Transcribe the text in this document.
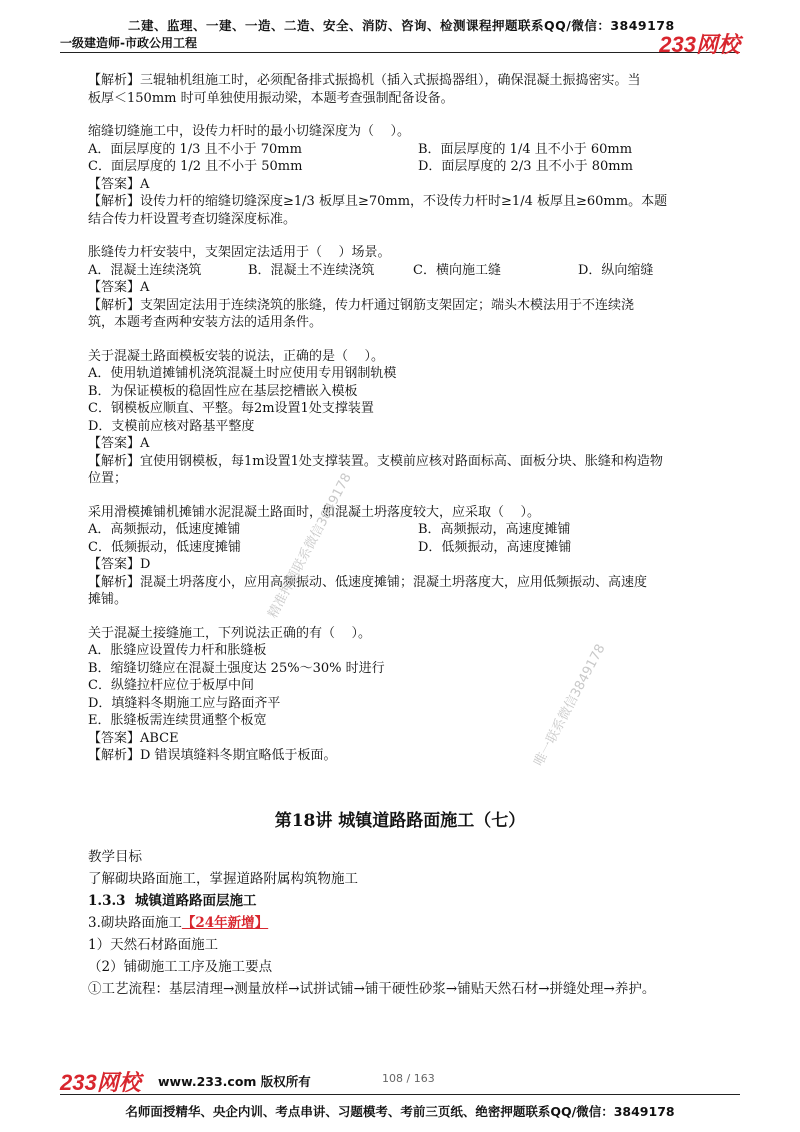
二建、监理、一建、一造、二造、安全、消防、咨询、检测课程押题联系QQ/微信：3849178
一级建造师-市政公用工程	233网校
【解析】三辊轴机组施工时，必须配备排式振捣机（插入式振捣器组），确保混凝土振捣密实。当
板厚＜150mm 时可单独使用振动梁，本题考查强制配备设备。
缩缝切缝施工中，设传力杆时的最小切缝深度为（    ）。
A．面层厚度的 1/3 且不小于 70mm	B．面层厚度的 1/4 且不小于 60mm
C．面层厚度的 1/2 且不小于 50mm	D．面层厚度的 2/3 且不小于 80mm
【答案】A
【解析】设传力杆的缩缝切缝深度≥1/3 板厚且≥70mm，不设传力杆时≥1/4 板厚且≥60mm。本题
结合传力杆设置考查切缝深度标准。
胀缝传力杆安装中，支架固定法适用于（    ）场景。
A．混凝土连续浇筑	B．混凝土不连续浇筑	C．横向施工缝	D．纵向缩缝
【答案】A
【解析】支架固定法用于连续浇筑的胀缝，传力杆通过钢筋支架固定；端头木模法用于不连续浇
筑，本题考查两种安装方法的适用条件。
关于混凝土路面模板安装的说法，正确的是（    ）。
A．使用轨道摊铺机浇筑混凝土时应使用专用钢制轨模
B．为保证模板的稳固性应在基层挖槽嵌入模板
C．钢模板应顺直、平整。每2m设置1处支撑装置
D．支模前应核对路基平整度
【答案】A
【解析】宜使用钢模板，每1m设置1处支撑装置。支模前应核对路面标高、面板分块、胀缝和构造物
位置；
采用滑模摊铺机摊铺水泥混凝土路面时，如混凝土坍落度较大，应采取（    ）。
A．高频振动，低速度摊铺	B．高频振动，高速度摊铺
C．低频振动，低速度摊铺	D．低频振动，高速度摊铺
【答案】D
【解析】混凝土坍落度小，应用高频振动、低速度摊铺；混凝土坍落度大，应用低频振动、高速度
摊铺。
关于混凝土接缝施工，下列说法正确的有（    ）。
A．胀缝应设置传力杆和胀缝板
B．缩缝切缝应在混凝土强度达 25%～30% 时进行
C．纵缝拉杆应位于板厚中间
D．填缝料冬期施工应与路面齐平
E．胀缝板需连续贯通整个板宽
【答案】ABCE
【解析】D 错误填缝料冬期宜略低于板面。
精准押题联系微信3849178
唯一联系微信3849178
第18讲 城镇道路路面施工（七）
教学目标
了解砌块路面施工，掌握道路附属构筑物施工
1.3.3  城镇道路路面层施工
3.砌块路面施工【24年新增】
1）天然石材路面施工
（2）铺砌施工工序及施工要点
①工艺流程：基层清理→测量放样→试拼试铺→铺干硬性砂浆→铺贴天然石材→拼缝处理→养护。
233网校 www.233.com 版权所有	108 / 163
名师面授精华、央企内训、考点串讲、习题模考、考前三页纸、绝密押题联系QQ/微信：3849178
